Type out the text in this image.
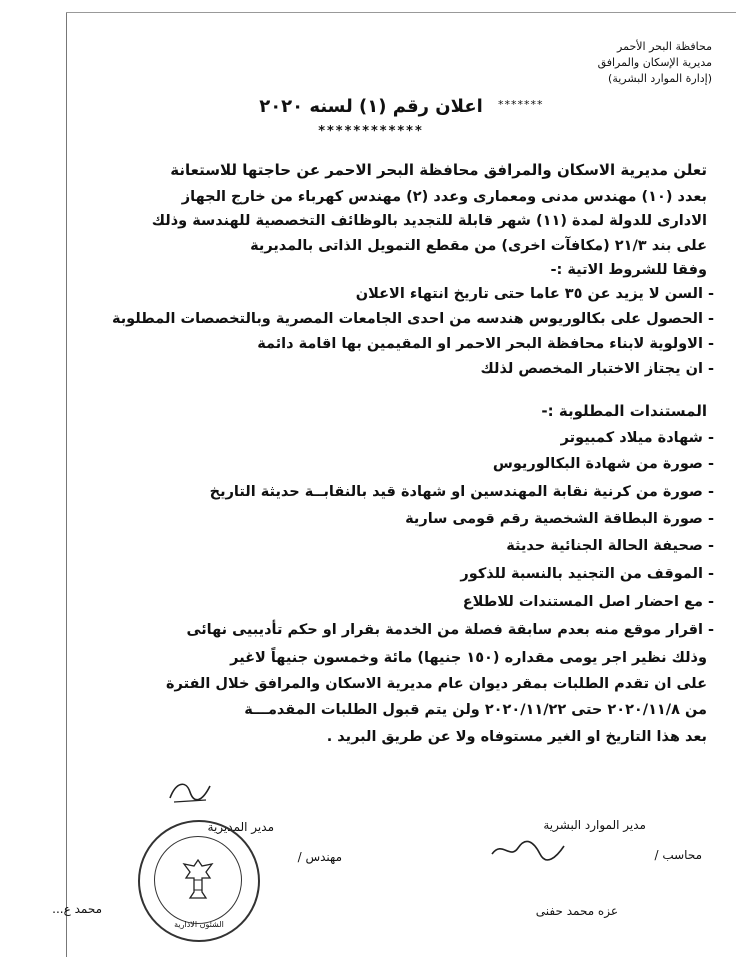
محافظة البحر الأحمر
مديرية الإسكان والمرافق
(إدارة الموارد البشرية)
*******
اعلان رقم (١) لسنه ٢٠٢٠
************
تعلن مديرية الاسكان والمرافق محافظة البحر الاحمر عن حاجتها للاستعانة
بعدد (١٠) مهندس مدنى ومعمارى وعدد (٢) مهندس كهرباء من خارج الجهاز
الادارى للدولة لمدة (١١) شهر قابلة للتجديد بالوظائف التخصصية للهندسة وذلك
على بند ٢١/٣ (مكافآت اخرى) من مقطع التمويل الذاتى بالمديرية
وفقا للشروط الاتية :-
- السن لا يزيد عن ٣٥ عاما حتى تاريخ انتهاء الاعلان
- الحصول على بكالوريوس هندسه من احدى الجامعات المصرية وبالتخصصات المطلوبة
- الاولوية لابناء محافظة البحر الاحمر او المقيمين بها اقامة دائمة
- ان يجتاز الاختبار المخصص لذلك
المستندات المطلوبة :-
- شهادة ميلاد كمبيوتر
- صورة من شهادة البكالوريوس
- صورة من كرنية نقابة المهندسين او شهادة قيد بالنقابــة حديثة التاريخ
- صورة البطاقة الشخصية رقم قومى سارية
- صحيفة الحالة الجنائية حديثة
- الموقف من التجنيد بالنسبة للذكور
- مع احضار اصل المستندات للاطلاع
- اقرار موقع منه بعدم سابقة فصلة من الخدمة بقرار او حكم تأديبيى نهائى
وذلك نظير اجر يومى مقداره (١٥٠ جنيها) مائة وخمسون جنيهاً لاغير
على ان تقدم الطلبات بمقر ديوان عام مديرية الاسكان والمرافق خلال الفترة
من ٢٠٢٠/١١/٨ حتى ٢٠٢٠/١١/٢٢ ولن يتم قبول الطلبات المقدمـــة
بعد هذا التاريخ او الغير مستوفاه ولا عن طريق البريد .
مدير الموارد البشرية
محاسب /
عزه محمد حفنى
مدير المديرية
مهندس /
محمد ع...
الشئون الادارية
